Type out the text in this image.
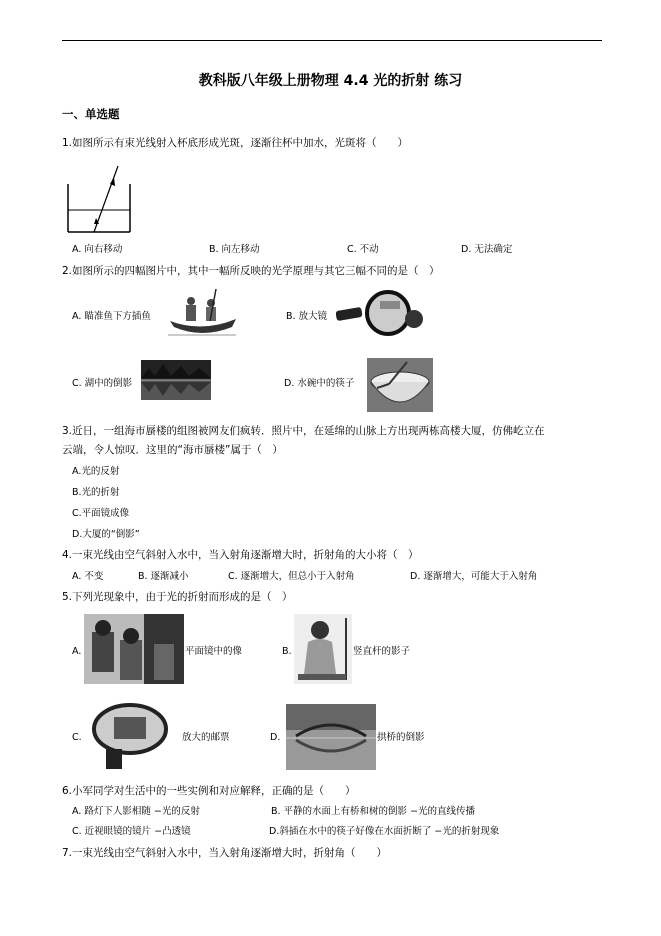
教科版八年级上册物理 4.4 光的折射 练习
一、单选题
1.如图所示有束光线射入杯底形成光斑，逐渐往杯中加水，光斑将（　　）
A. 向右移动	B. 向左移动	C. 不动	D. 无法确定
2.如图所示的四幅图片中，其中一幅所反映的光学原理与其它三幅不同的是（　）
A. 瞄准鱼下方插鱼	B. 放大镜
C. 湖中的倒影	D. 水碗中的筷子
3.近日，一组海市蜃楼的组图被网友们疯转．照片中，在延绵的山脉上方出现两栋高楼大厦，仿佛屹立在
云端，令人惊叹．这里的“海市蜃楼”属于（　）
A.光的反射
B.光的折射
C.平面镜成像
D.大厦的“倒影”
4.一束光线由空气斜射入水中，当入射角逐渐增大时，折射角的大小将（　）
A. 不变	B. 逐渐减小	C. 逐渐增大，但总小于入射角	D. 逐渐增大，可能大于入射角
5.下列光现象中，由于光的折射而形成的是（　）
A.	平面镜中的像	B.	竖直杆的影子
C.	放大的邮票	D.	拱桥的倒影
6.小军同学对生活中的一些实例和对应解释，正确的是（　　）
A. 路灯下人影相随 −光的反射	B. 平静的水面上有桥和树的倒影 −光的直线传播
C. 近视眼镜的镜片 −凸透镜	D.斜插在水中的筷子好像在水面折断了 −光的折射现象
7.一束光线由空气斜射入水中，当入射角逐渐增大时，折射角（　　）
